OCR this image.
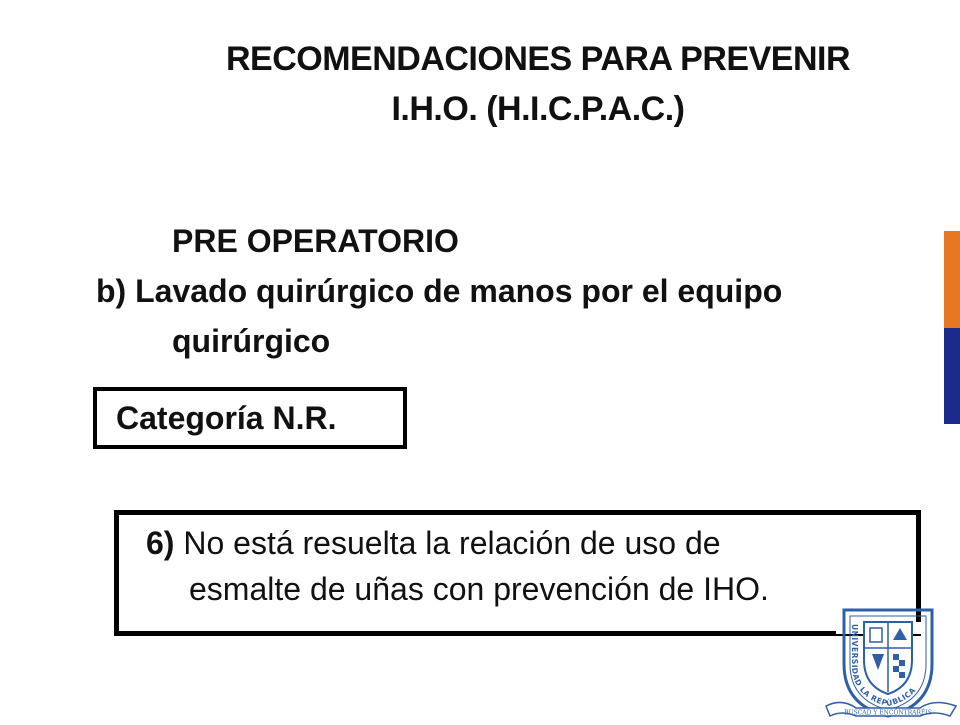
RECOMENDACIONES PARA PREVENIR
I.H.O. (H.I.C.P.A.C.)
PRE OPERATORIO
b) Lavado quirúrgico de manos por el equipo
quirúrgico
Categoría N.R.
6) No está resuelta la relación de uso de
esmalte de uñas con prevención de IHO.
UNIVERSIDAD LA REPÚBLICA
BUSCAD Y ENCONTRARÉIS
